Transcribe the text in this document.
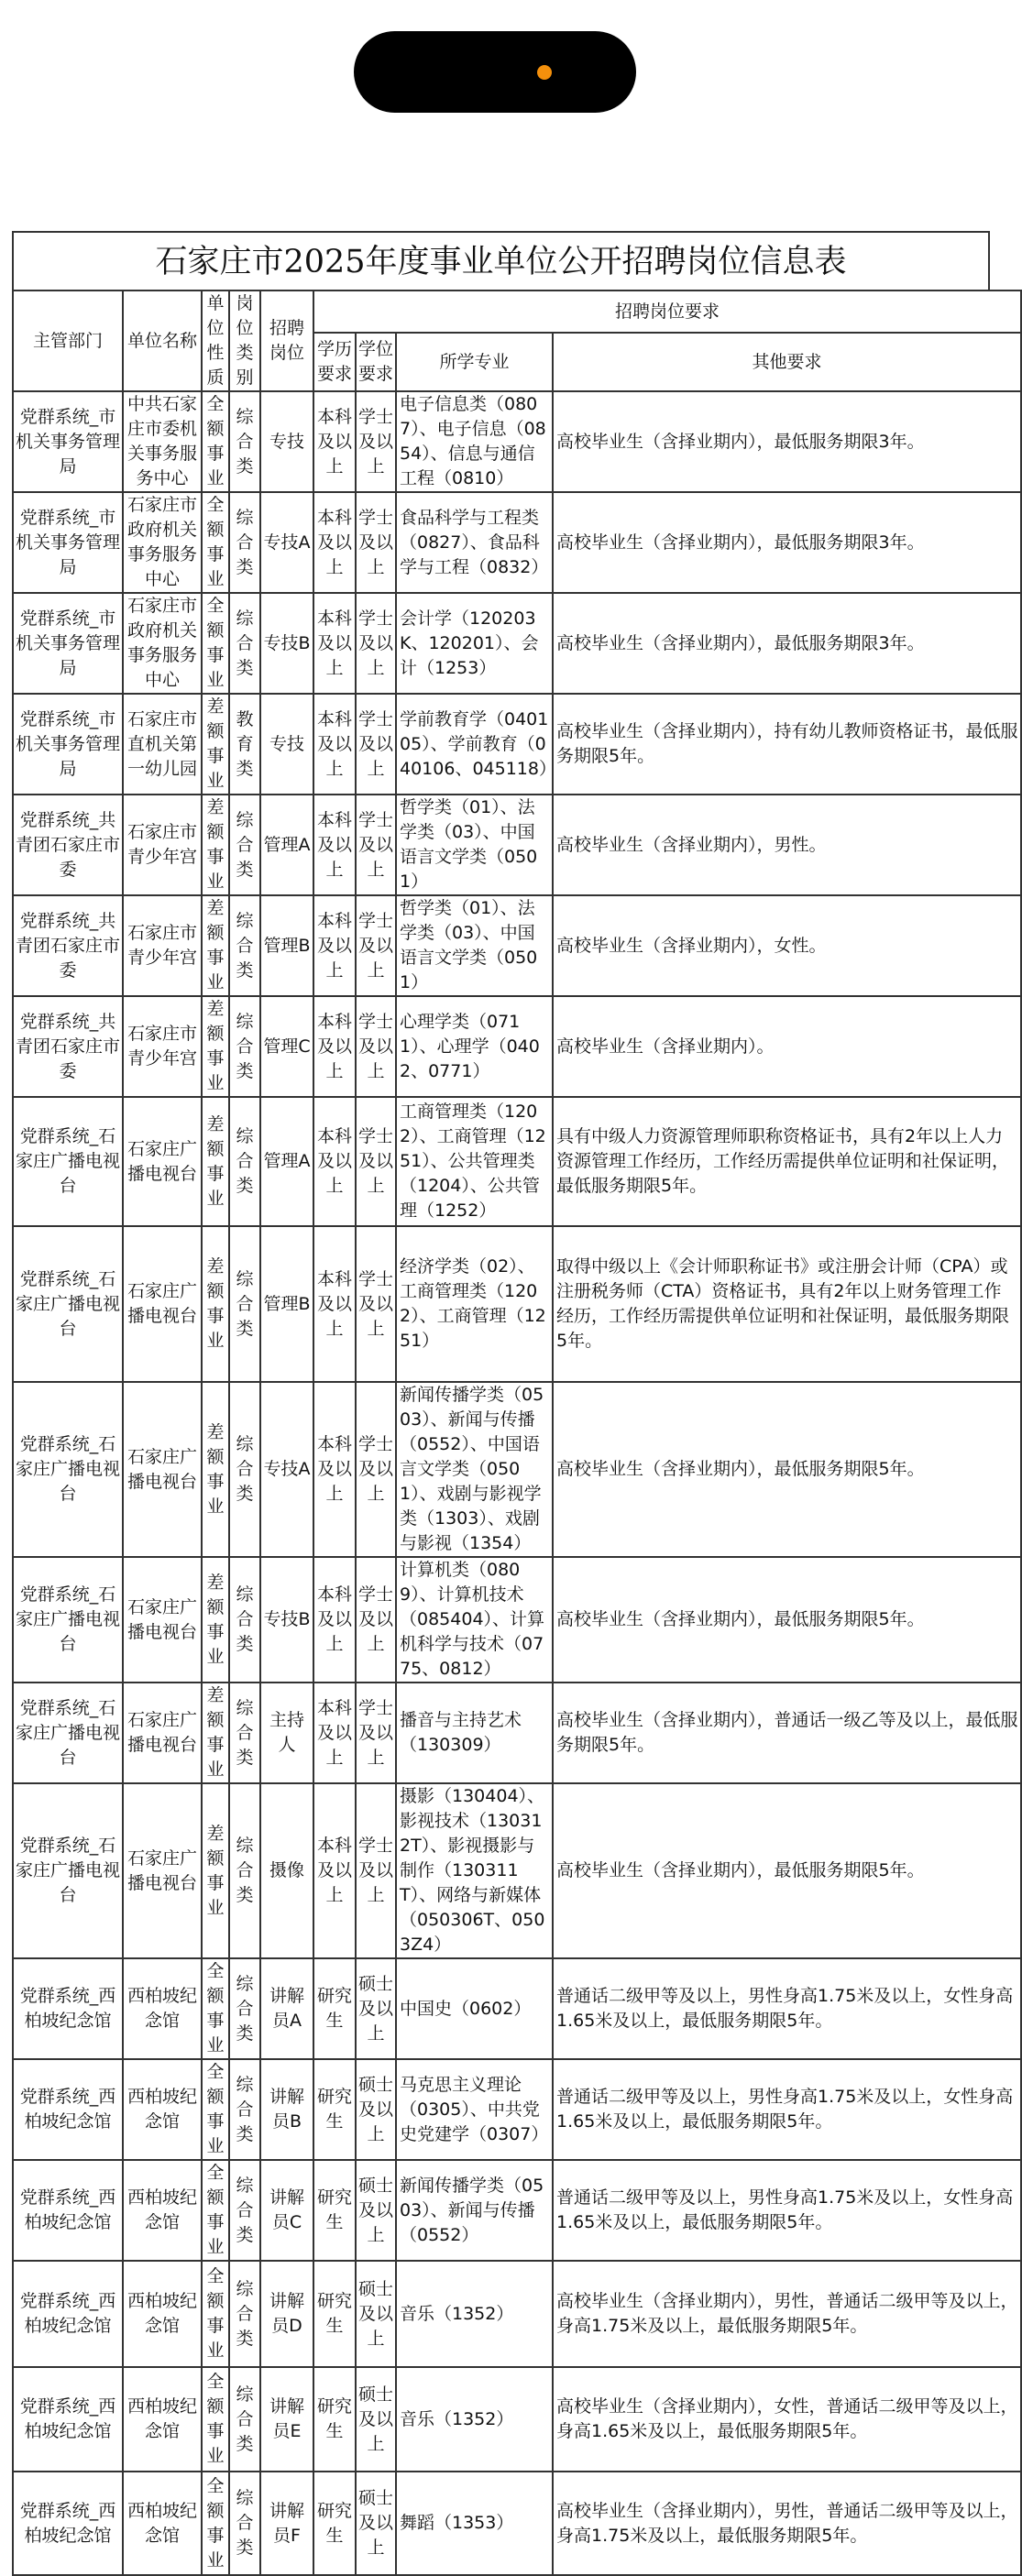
石家庄市2025年度事业单位公开招聘岗位信息表
主管部门	单位名称	单位性质	岗位类别	招聘岗位	招聘岗位要求			
					学历要求	学位要求	所学专业	其他要求
党群系统_市机关事务管理局	中共石家庄市委机关事务服务中心	全额事业	综合类	专技	本科及以上	学士及以上	电子信息类（0807）、电子信息（0854）、信息与通信工程（0810）	高校毕业生（含择业期内），最低服务期限3年。
党群系统_市机关事务管理局	石家庄市政府机关事务服务中心	全额事业	综合类	专技A	本科及以上	学士及以上	食品科学与工程类（0827）、食品科学与工程（0832）	高校毕业生（含择业期内），最低服务期限3年。
党群系统_市机关事务管理局	石家庄市政府机关事务服务中心	全额事业	综合类	专技B	本科及以上	学士及以上	会计学（120203K、120201）、会计（1253）	高校毕业生（含择业期内），最低服务期限3年。
党群系统_市机关事务管理局	石家庄市直机关第一幼儿园	差额事业	教育类	专技	本科及以上	学士及以上	学前教育学（040105）、学前教育（040106、045118）	高校毕业生（含择业期内），持有幼儿教师资格证书，最低服务期限5年。
党群系统_共青团石家庄市委	石家庄市青少年宫	差额事业	综合类	管理A	本科及以上	学士及以上	哲学类（01）、法学类（03）、中国语言文学类（0501）	高校毕业生（含择业期内），男性。
党群系统_共青团石家庄市委	石家庄市青少年宫	差额事业	综合类	管理B	本科及以上	学士及以上	哲学类（01）、法学类（03）、中国语言文学类（0501）	高校毕业生（含择业期内），女性。
党群系统_共青团石家庄市委	石家庄市青少年宫	差额事业	综合类	管理C	本科及以上	学士及以上	心理学类（0711）、心理学（0402、0771）	高校毕业生（含择业期内）。
党群系统_石家庄广播电视台	石家庄广播电视台	差额事业	综合类	管理A	本科及以上	学士及以上	工商管理类（1202）、工商管理（1251）、公共管理类（1204）、公共管理（1252）	具有中级人力资源管理师职称资格证书，具有2年以上人力资源管理工作经历，工作经历需提供单位证明和社保证明，最低服务期限5年。
党群系统_石家庄广播电视台	石家庄广播电视台	差额事业	综合类	管理B	本科及以上	学士及以上	经济学类（02）、工商管理类（1202）、工商管理（1251）	取得中级以上《会计师职称证书》或注册会计师（CPA）或注册税务师（CTA）资格证书，具有2年以上财务管理工作经历，工作经历需提供单位证明和社保证明，最低服务期限5年。
党群系统_石家庄广播电视台	石家庄广播电视台	差额事业	综合类	专技A	本科及以上	学士及以上	新闻传播学类（0503）、新闻与传播（0552）、中国语言文学类（0501）、戏剧与影视学类（1303）、戏剧与影视（1354）	高校毕业生（含择业期内），最低服务期限5年。
党群系统_石家庄广播电视台	石家庄广播电视台	差额事业	综合类	专技B	本科及以上	学士及以上	计算机类（0809）、计算机技术（085404）、计算机科学与技术（0775、0812）	高校毕业生（含择业期内），最低服务期限5年。
党群系统_石家庄广播电视台	石家庄广播电视台	差额事业	综合类	主持人	本科及以上	学士及以上	播音与主持艺术（130309）	高校毕业生（含择业期内），普通话一级乙等及以上，最低服务期限5年。
党群系统_石家庄广播电视台	石家庄广播电视台	差额事业	综合类	摄像	本科及以上	学士及以上	摄影（130404）、影视技术（130312T）、影视摄影与制作（130311T）、网络与新媒体（050306T、0503Z4）	高校毕业生（含择业期内），最低服务期限5年。
党群系统_西柏坡纪念馆	西柏坡纪念馆	全额事业	综合类	讲解员A	研究生	硕士及以上	中国史（0602）	普通话二级甲等及以上，男性身高1.75米及以上，女性身高1.65米及以上，最低服务期限5年。
党群系统_西柏坡纪念馆	西柏坡纪念馆	全额事业	综合类	讲解员B	研究生	硕士及以上	马克思主义理论（0305）、中共党史党建学（0307）	普通话二级甲等及以上，男性身高1.75米及以上，女性身高1.65米及以上，最低服务期限5年。
党群系统_西柏坡纪念馆	西柏坡纪念馆	全额事业	综合类	讲解员C	研究生	硕士及以上	新闻传播学类（0503）、新闻与传播（0552）	普通话二级甲等及以上，男性身高1.75米及以上，女性身高1.65米及以上，最低服务期限5年。
党群系统_西柏坡纪念馆	西柏坡纪念馆	全额事业	综合类	讲解员D	研究生	硕士及以上	音乐（1352）	高校毕业生（含择业期内），男性，普通话二级甲等及以上，身高1.75米及以上，最低服务期限5年。
党群系统_西柏坡纪念馆	西柏坡纪念馆	全额事业	综合类	讲解员E	研究生	硕士及以上	音乐（1352）	高校毕业生（含择业期内），女性，普通话二级甲等及以上，身高1.65米及以上，最低服务期限5年。
党群系统_西柏坡纪念馆	西柏坡纪念馆	全额事业	综合类	讲解员F	研究生	硕士及以上	舞蹈（1353）	高校毕业生（含择业期内），男性，普通话二级甲等及以上，身高1.75米及以上，最低服务期限5年。
